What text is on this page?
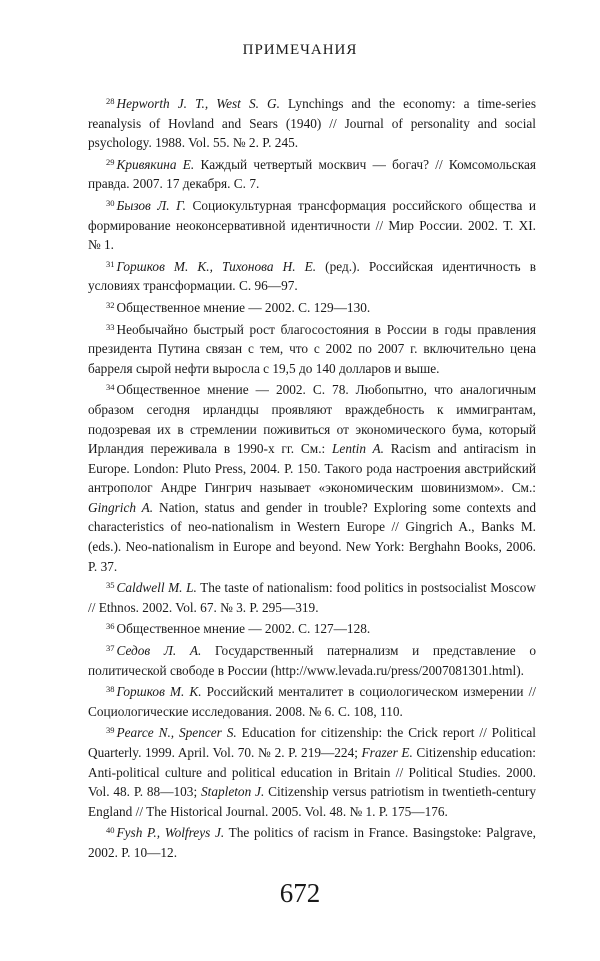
ПРИМЕЧАНИЯ

$^{28}$ Hepworth J. T., West S. G. Lynchings and the economy: a time-series reanalysis of Hovland and Sears (1940) // Journal of personality and social psychology. 1988. Vol. 55. № 2. P. 245.

$^{29}$ Кривякина Е. Каждый четвертый москвич — богач? // Комсомольская правда. 2007. 17 декабря. С. 7.

$^{30}$ Бызов Л. Г. Социокультурная трансформация российского общества и формирование неоконсервативной идентичности // Мир России. 2002. Т. XI. № 1.

$^{31}$ Горшков М. К., Тихонова Н. Е. (ред.). Российская идентичность в условиях трансформации. С. 96—97.

$^{32}$ Общественное мнение — 2002. С. 129—130.

$^{33}$ Необычайно быстрый рост благосостояния в России в годы правления президента Путина связан с тем, что с 2002 по 2007 г. включительно цена барреля сырой нефти выросла с 19,5 до 140 долларов и выше.

$^{34}$ Общественное мнение — 2002. С. 78. Любопытно, что аналогичным образом сегодня ирландцы проявляют враждебность к иммигрантам, подозревая их в стремлении поживиться от экономического бума, который Ирландия переживала в 1990-х гг. См.: Lentin A. Racism and antiracism in Europe. London: Pluto Press, 2004. P. 150. Такого рода настроения австрийский антрополог Андре Гингрич называет «экономическим шовинизмом». См.: Gingrich A. Nation, status and gender in trouble? Exploring some contexts and characteristics of neo-nationalism in Western Europe // Gingrich A., Banks M. (eds.). Neo-nationalism in Europe and beyond. New York: Berghahn Books, 2006. P. 37.

$^{35}$ Caldwell M. L. The taste of nationalism: food politics in postsocialist Moscow // Ethnos. 2002. Vol. 67. № 3. P. 295—319.

$^{36}$ Общественное мнение — 2002. С. 127—128.

$^{37}$ Седов Л. А. Государственный патернализм и представление о политической свободе в России (http://www.levada.ru/press/2007081301.html).

$^{38}$ Горшков М. К. Российский менталитет в социологическом измерении // Социологические исследования. 2008. № 6. С. 108, 110.

$^{39}$ Pearce N., Spencer S. Education for citizenship: the Crick report // Political Quarterly. 1999. April. Vol. 70. № 2. P. 219—224; Frazer E. Citizenship education: Anti-political culture and political education in Britain // Political Studies. 2000. Vol. 48. P. 88—103; Stapleton J. Citizenship versus patriotism in twentieth-century England // The Historical Journal. 2005. Vol. 48. № 1. P. 175—176.

$^{40}$ Fysh P., Wolfreys J. The politics of racism in France. Basingstoke: Palgrave, 2002. P. 10—12.

672
